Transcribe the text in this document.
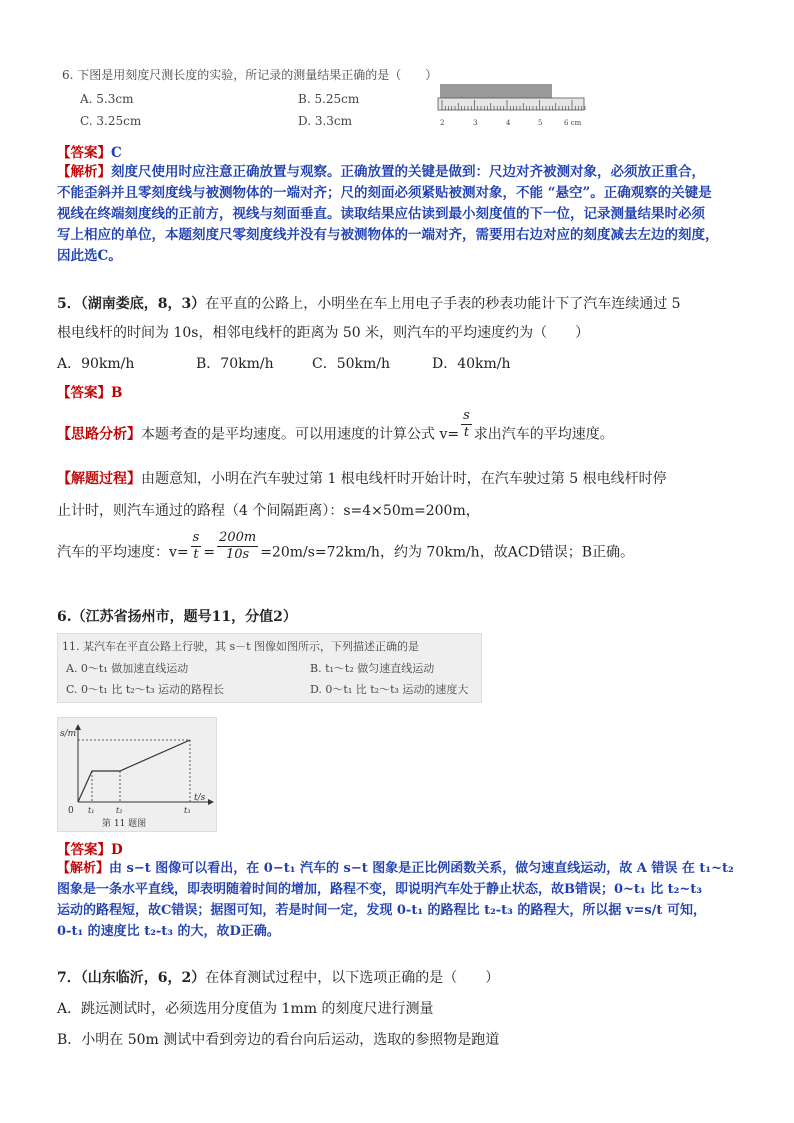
6. 下图是用刻度尺测长度的实验，所记录的测量结果正确的是（　　）
A. 5.3cm	B. 5.25cm
C. 3.25cm	D. 3.3cm	2	3	4	5	6 cm
【答案】C
【解析】刻度尺使用时应注意正确放置与观察。正确放置的关键是做到：尺边对齐被测对象，必须放正重合，
不能歪斜并且零刻度线与被测物体的一端对齐；尺的刻面必须紧贴被测对象，不能 “悬空”。正确观察的关键是
视线在终端刻度线的正前方，视线与刻面垂直。读取结果应估读到最小刻度值的下一位，记录测量结果时必须
写上相应的单位，本题刻度尺零刻度线并没有与被测物体的一端对齐，需要用右边对应的刻度减去左边的刻度，
因此选C。
5．（湖南娄底，8，3）在平直的公路上，小明坐在车上用电子手表的秒表功能计下了汽车连续通过 5
根电线杆的时间为 10s，相邻电线杆的距离为 50 米，则汽车的平均速度约为（　　）
A．90km/h	B．70km/h	C．50km/h	D．40km/h
【答案】B
【思路分析】本题考查的是平均速度。可以用速度的计算公式 $v= \frac{s}{t}$ 求出汽车的平均速度。
【解题过程】由题意知，小明在汽车驶过第 1 根电线杆时开始计时，在汽车驶过第 5 根电线杆时停
止计时，则汽车通过的路程（4 个间隔距离）：s=4×50m=200m，
汽车的平均速度：$v= \frac{s}{t} = \frac{200m}{10s} =20m/s=72km/h$，约为 70km/h，故ACD错误；B正确。
6.（江苏省扬州市，题号11，分值2）
11. 某汽车在平直公路上行驶，其 s－t 图像如图所示，下列描述正确的是
A. 0～t₁ 做加速直线运动	B. t₁～t₂ 做匀速直线运动
C. 0～t₁ 比 t₂～t₃ 运动的路程长	D. 0～t₁ 比 t₂～t₃ 运动的速度大
s/m
t/s
0 t₁	t₂	t₃
第 11 题图
【答案】D
【解析】由 s−t 图像可以看出，在 0−t₁ 汽车的 s−t 图象是正比例函数关系，做匀速直线运动，故 A 错误 在 t₁~t₂
图象是一条水平直线，即表明随着时间的增加，路程不变，即说明汽车处于静止状态，故B错误；0~t₁ 比 t₂~t₃
运动的路程短，故C错误；据图可知，若是时间一定，发现 0-t₁ 的路程比 t₂-t₃ 的路程大，所以据 v=s/t 可知，
0-t₁ 的速度比 t₂-t₃ 的大，故D正确。
7．（山东临沂，6，2）在体育测试过程中，以下选项正确的是（　　）
A．跳远测试时，必须选用分度值为 1mm 的刻度尺进行测量
B．小明在 50m 测试中看到旁边的看台向后运动，选取的参照物是跑道
